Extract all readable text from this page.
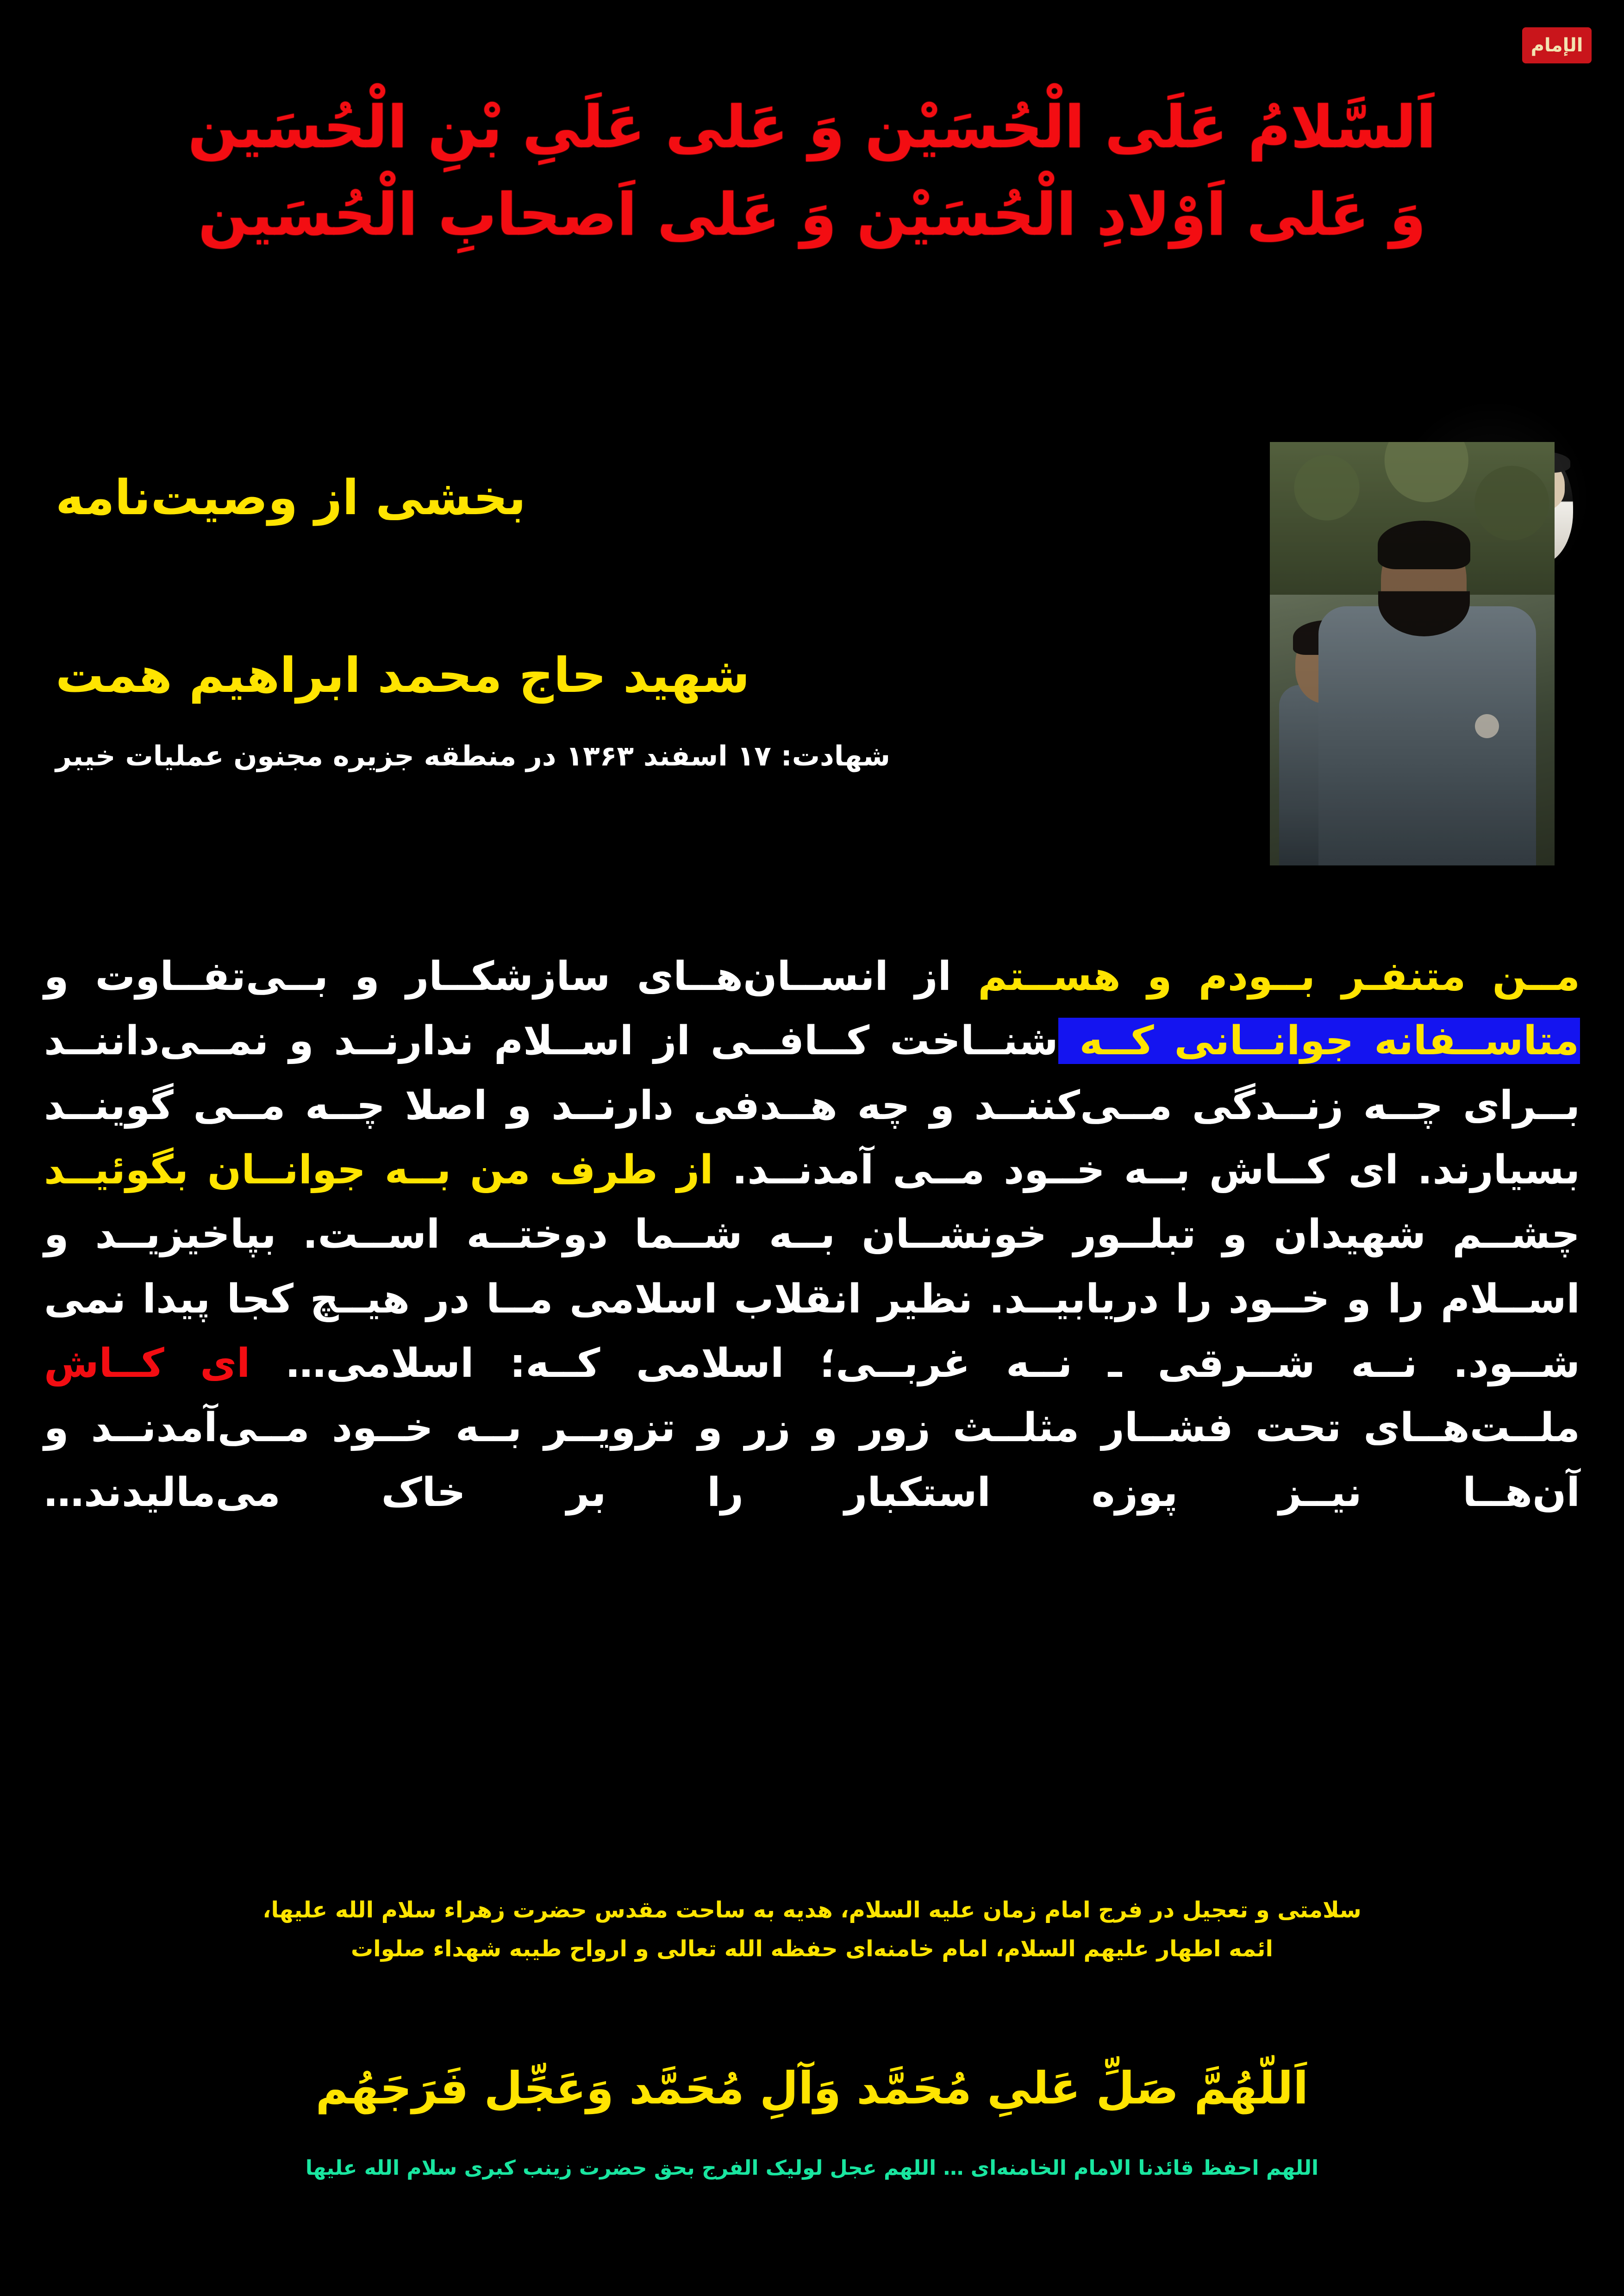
الإمام
اَلسَّلامُ عَلَى الْحُسَیْن وَ عَلى عَلَىِ بْنِ الْحُسَین
وَ عَلى اَوْلادِ الْحُسَیْن وَ عَلى اَصحابِ الْحُسَین
بخشی از وصیت‌نامه
شهید حاج محمد ابراهیم همت
شهادت: ۱۷ اسفند ۱۳۶۳ در منطقه جزیره مجنون عملیات خیبر

مــن متنفـر بــودم و هســتم از انســان‌هــای سازشکــار و بــی‌تفــاوت و متاســفانه جوانــانی کــه شنــاخت کــافــی از اســلام ندارنــد و نمــی‌داننــد بــرای چــه زنــدگی مــی‌کننــد و چه هــدفی دارنــد و اصلا چــه مــی گوینــد بسیارند. ای کــاش بــه خــود مــی آمدنــد. از طرف من بــه جوانــان بگوئیــد چشــم شهیدان و تبلــور خونشــان بــه شــما دوختــه اســت. بپاخیزیــد و اســلام را و خــود را دریابیــد. نظیر انقلاب اسلامی مــا در هیــچ کجا پیدا نمی شــود. نــه شــرقی ـ نــه غربــی؛ اسلامی کــه: اسلامی… ای کــاش ملــت‌هــای تحت فشــار مثلــث زور و زر و تزویــر بــه خــود مــی‌آمدنــد و آن‌هــا نیــز پوزه استکبار را بر خاک می‌مالیدند…

سلامتی و تعجیل در فرج امام زمان علیه السلام، هدیه به ساحت مقدس حضرت زهراء سلام الله علیها،
ائمه اطهار علیهم السلام، امام خامنه‌ای حفظه الله تعالی و ارواح طیبه شهداء صلوات
اَللّهُمَّ صَلِّ عَلىِ مُحَمَّد وَآلِ مُحَمَّد وَعَجِّل فَرَجَهُم
اللهم احفظ قائدنا الامام الخامنه‌ای … اللهم عجل لولیک الفرج بحق حضرت زینب کبری سلام الله علیها
